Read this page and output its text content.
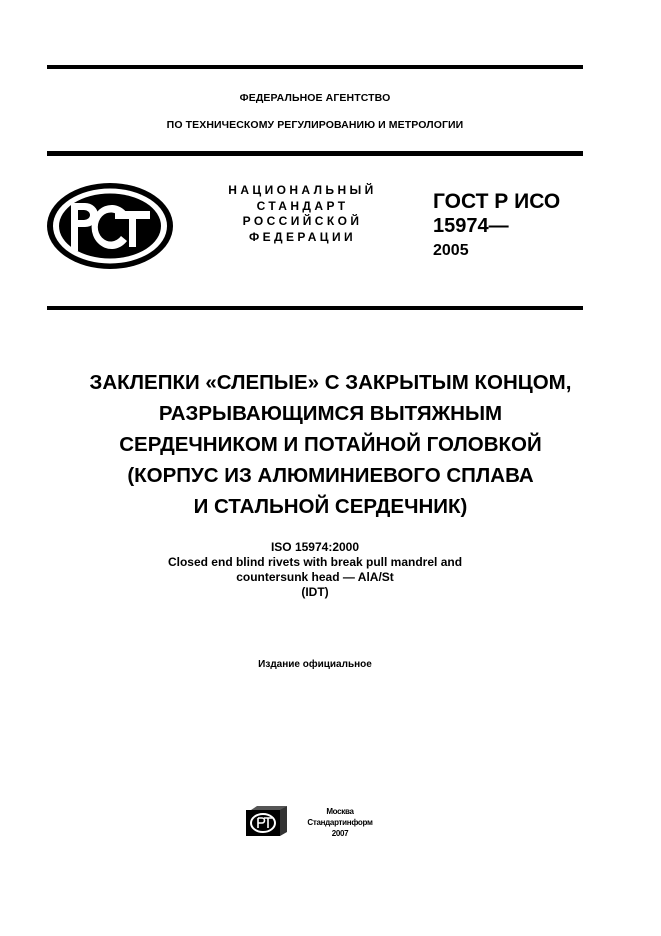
ФЕДЕРАЛЬНОЕ АГЕНТСТВО
ПО ТЕХНИЧЕСКОМУ РЕГУЛИРОВАНИЮ И МЕТРОЛОГИИ
НАЦИОНАЛЬНЫЙ
СТАНДАРТ
РОССИЙСКОЙ
ФЕДЕРАЦИИ
ГОСТ Р ИСО
15974—
2005
ЗАКЛЕПКИ «СЛЕПЫЕ» С ЗАКРЫТЫМ КОНЦОМ,
РАЗРЫВАЮЩИМСЯ ВЫТЯЖНЫМ
СЕРДЕЧНИКОМ И ПОТАЙНОЙ ГОЛОВКОЙ
(КОРПУС ИЗ АЛЮМИНИЕВОГО СПЛАВА
И СТАЛЬНОЙ СЕРДЕЧНИК)
ISO 15974:2000
Closed end blind rivets with break pull mandrel and
countersunk head — AlA/St
(IDT)
Издание официальное
Москва
Стандартинформ
2007
